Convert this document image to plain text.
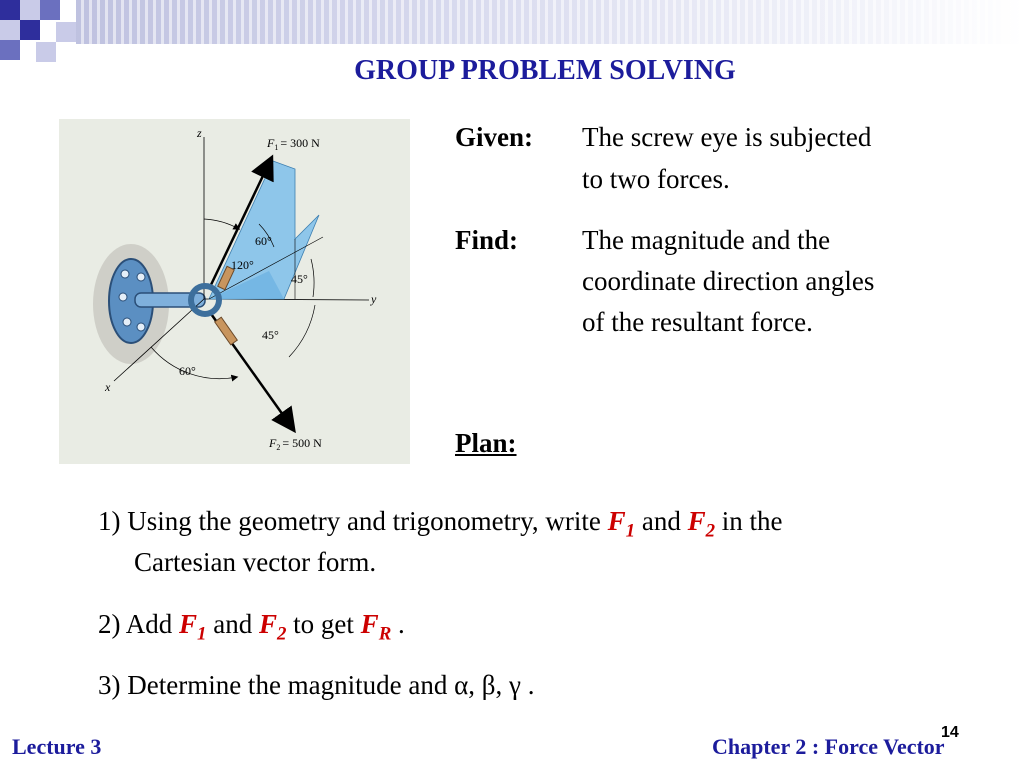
GROUP PROBLEM SOLVING
$F_1 = 300$ N
$F_2 = 500$ N
z
y
x
60°
120°
45°
45°
60°
Given: The screw eye is subjected
to two forces.
Find: The magnitude and the
coordinate direction angles
of the resultant force.
Plan:
1) Using the geometry and trigonometry, write $F_1$ and $F_2$ in the
Cartesian vector form.
2) Add $F_1$ and $F_2$ to get $F_R$ .
3) Determine the magnitude and α, β, γ .
Lecture 3	Chapter 2 : Force Vector
14
